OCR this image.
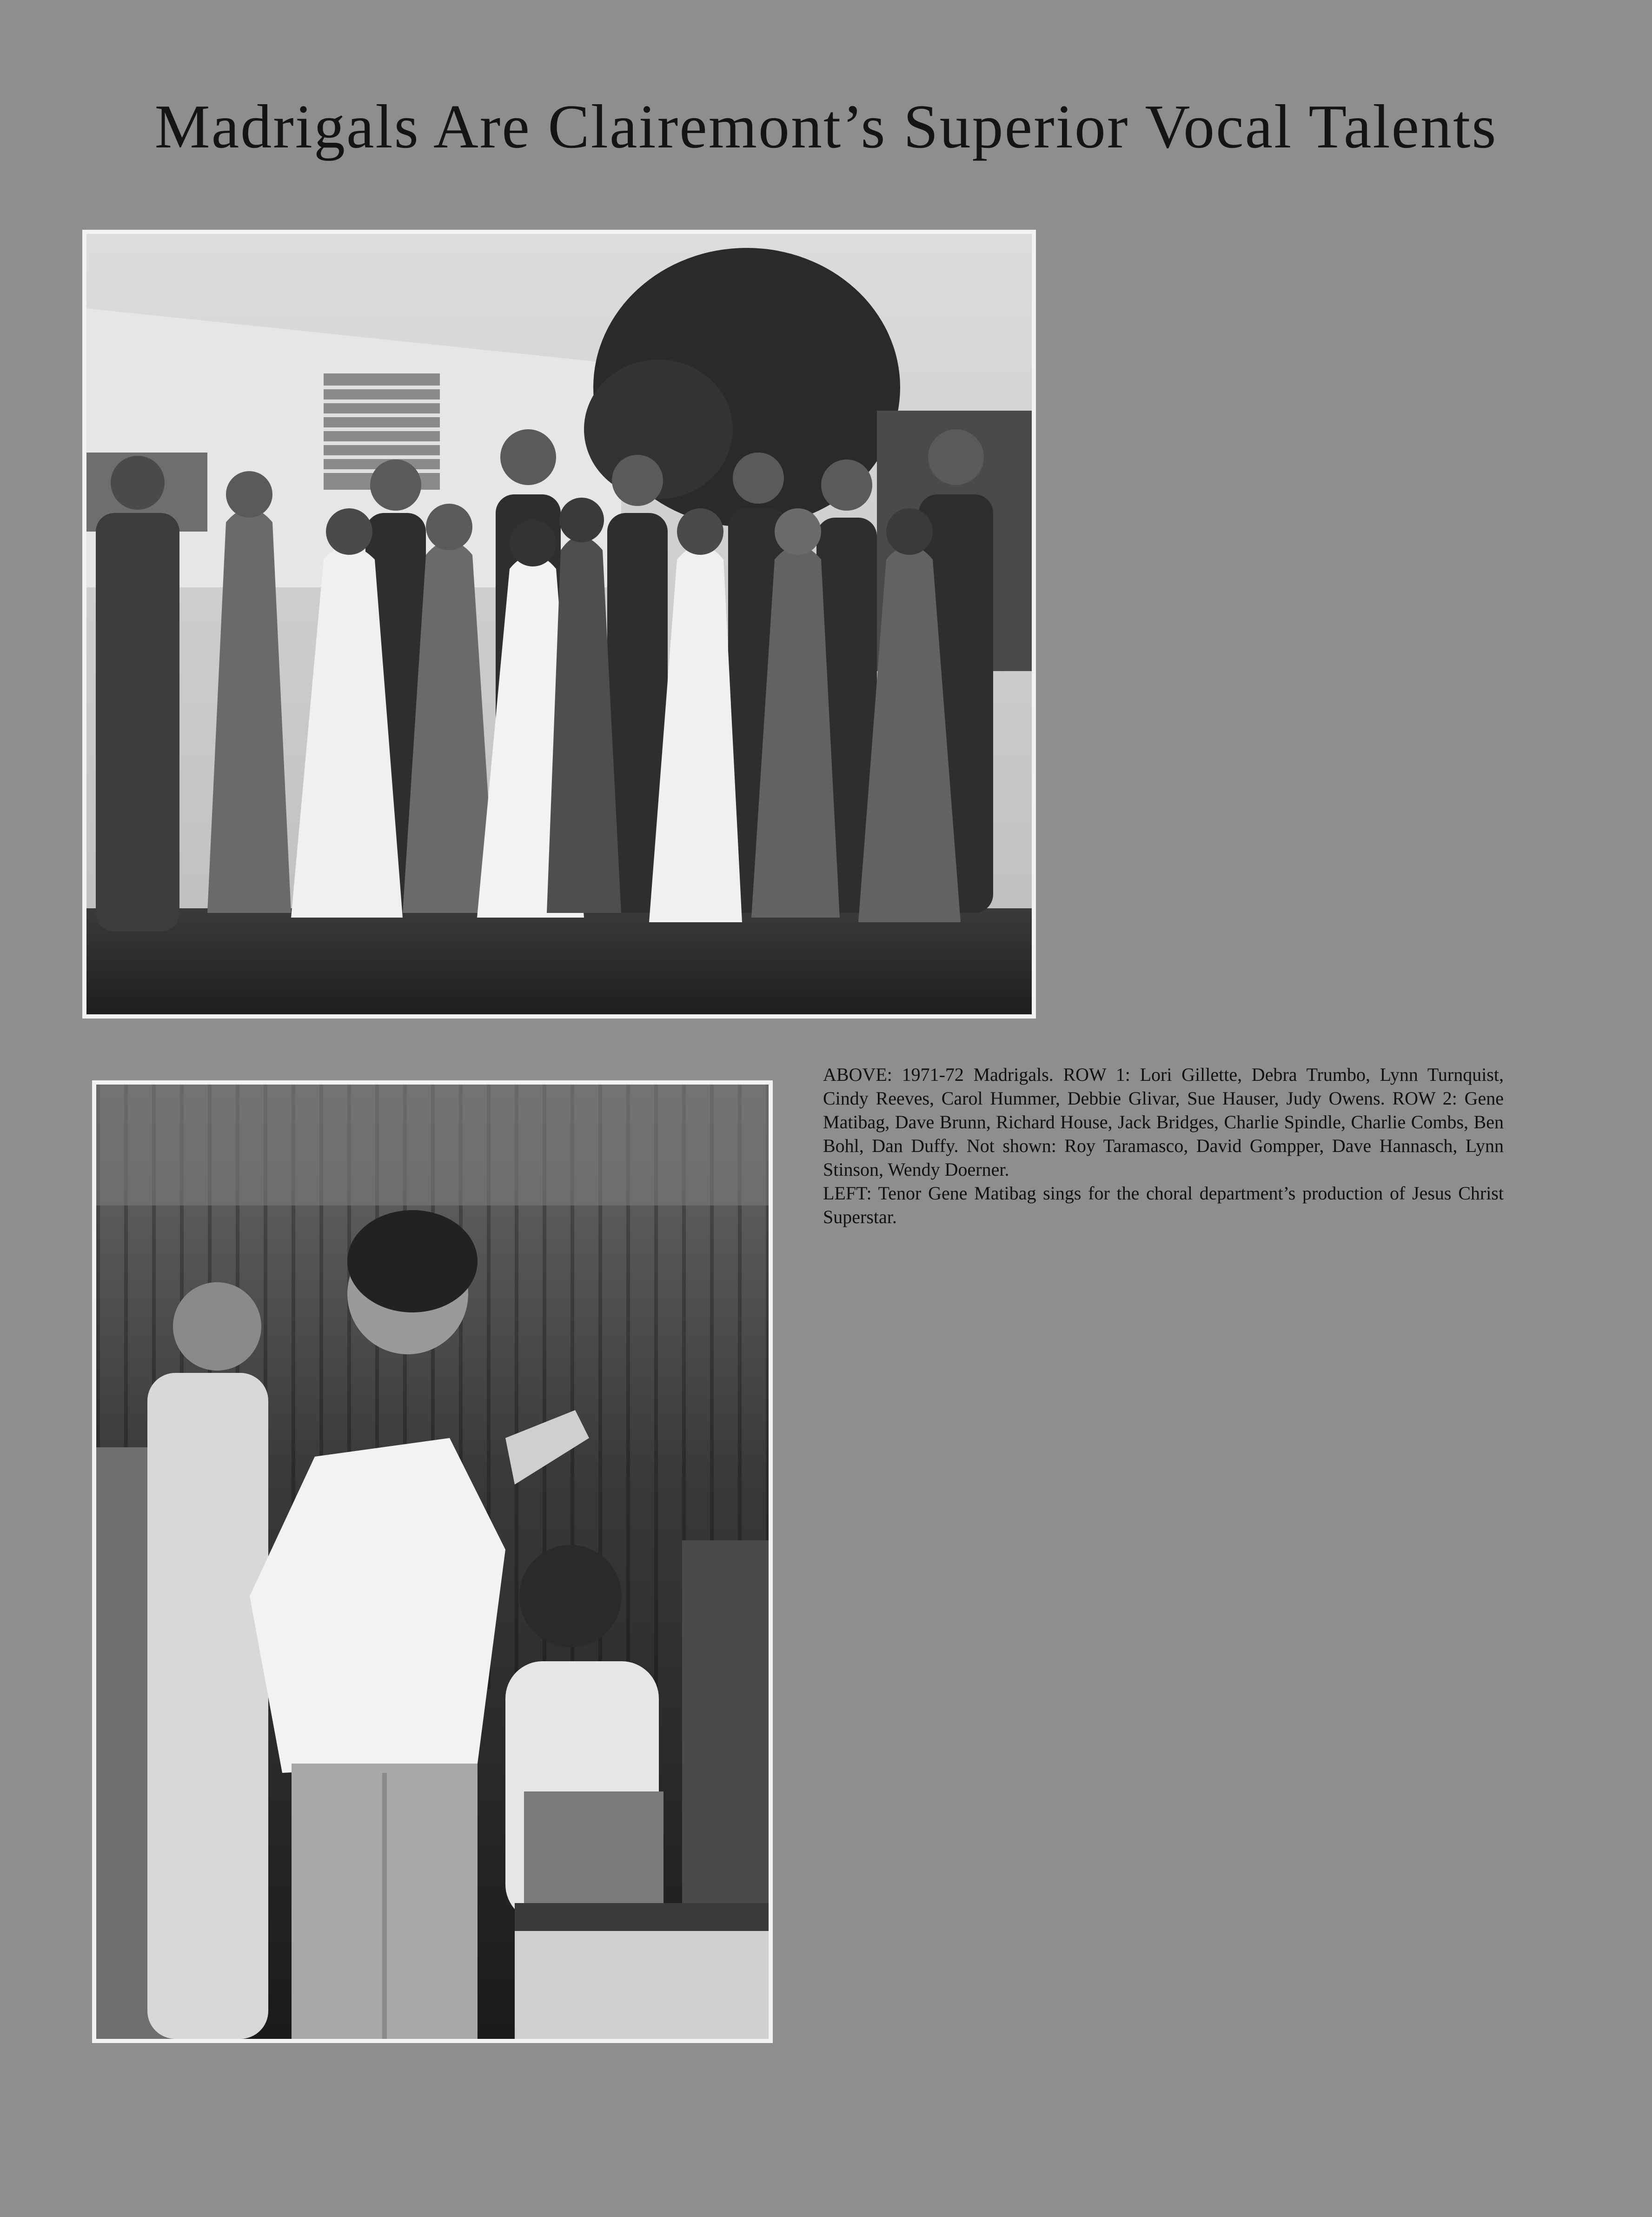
Madrigals Are Clairemont’s Superior Vocal Talents

ABOVE: 1971-72 Madrigals. ROW 1: Lori Gillette, Debra Trumbo, Lynn Turnquist, Cindy Reeves, Carol Hummer, Debbie Glivar, Sue Hauser, Judy Owens. ROW 2: Gene Matibag, Dave Brunn, Richard House, Jack Bridges, Charlie Spindle, Charlie Combs, Ben Bohl, Dan Duffy. Not shown: Roy Taramasco, David Gompper, Dave Hannasch, Lynn Stinson, Wendy Doerner.

LEFT: Tenor Gene Matibag sings for the choral department’s production of Jesus Christ Superstar.
